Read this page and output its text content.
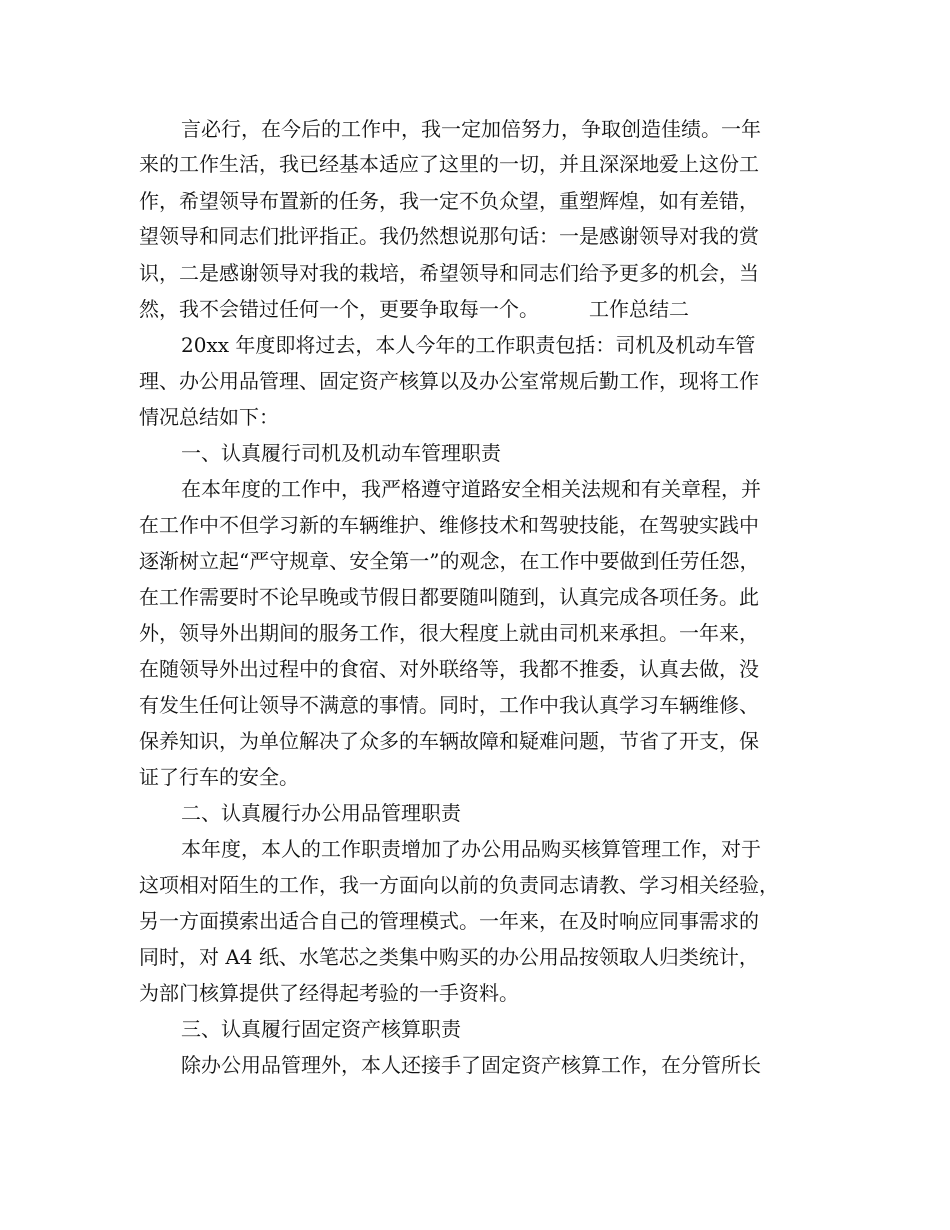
言必行，在今后的工作中，我一定加倍努力，争取创造佳绩。一年
来的工作生活，我已经基本适应了这里的一切，并且深深地爱上这份工
作，希望领导布置新的任务，我一定不负众望，重塑辉煌，如有差错，
望领导和同志们批评指正。我仍然想说那句话：一是感谢领导对我的赏
识，二是感谢领导对我的栽培，希望领导和同志们给予更多的机会，当
然，我不会错过任何一个，更要争取每一个。　　　工作总结二
20xx 年度即将过去，本人今年的工作职责包括：司机及机动车管
理、办公用品管理、固定资产核算以及办公室常规后勤工作，现将工作
情况总结如下：
一、认真履行司机及机动车管理职责
在本年度的工作中，我严格遵守道路安全相关法规和有关章程，并
在工作中不但学习新的车辆维护、维修技术和驾驶技能，在驾驶实践中
逐渐树立起“严守规章、安全第一”的观念，在工作中要做到任劳任怨，
在工作需要时不论早晚或节假日都要随叫随到，认真完成各项任务。此
外，领导外出期间的服务工作，很大程度上就由司机来承担。一年来，
在随领导外出过程中的食宿、对外联络等，我都不推委，认真去做，没
有发生任何让领导不满意的事情。同时，工作中我认真学习车辆维修、
保养知识，为单位解决了众多的车辆故障和疑难问题，节省了开支，保
证了行车的安全。
二、认真履行办公用品管理职责
本年度，本人的工作职责增加了办公用品购买核算管理工作，对于
这项相对陌生的工作，我一方面向以前的负责同志请教、学习相关经验，
另一方面摸索出适合自己的管理模式。一年来，在及时响应同事需求的
同时，对 A4 纸、水笔芯之类集中购买的办公用品按领取人归类统计，
为部门核算提供了经得起考验的一手资料。
三、认真履行固定资产核算职责
除办公用品管理外，本人还接手了固定资产核算工作，在分管所长
